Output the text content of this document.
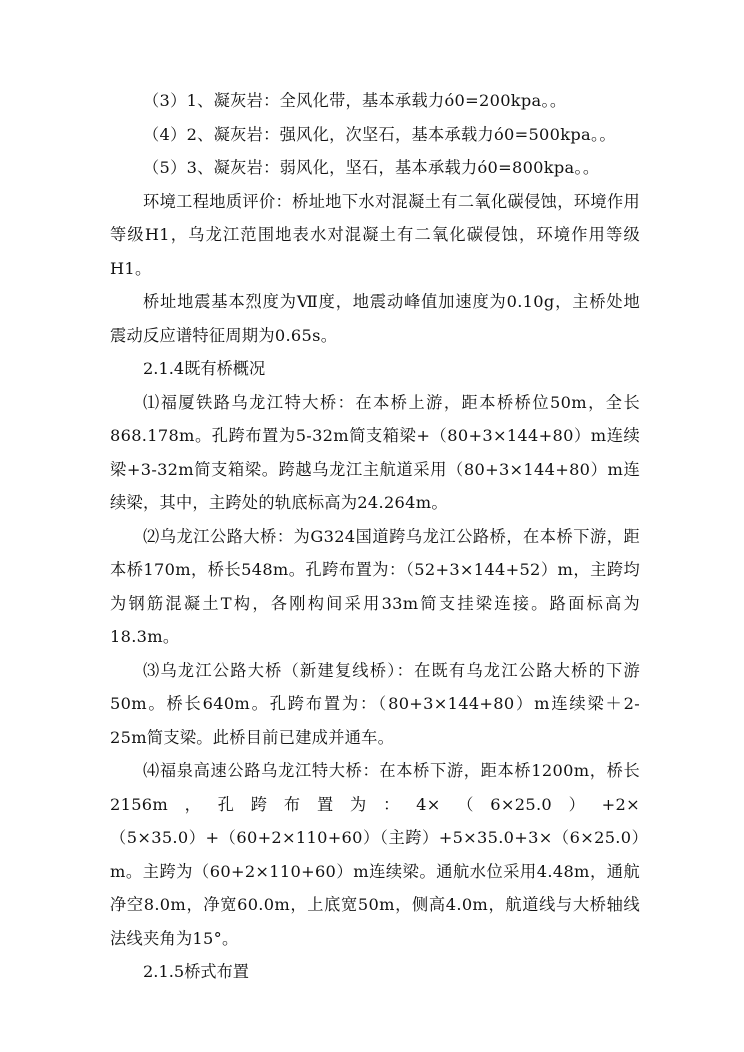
（3）1、凝灰岩：全风化带，基本承载力ó0=200kpa。。

（4）2、凝灰岩：强风化，次坚石，基本承载力ó0=500kpa。。

（5）3、凝灰岩：弱风化，坚石，基本承载力ó0=800kpa。。

环境工程地质评价：桥址地下水对混凝土有二氧化碳侵蚀，环境作用等级H1，乌龙江范围地表水对混凝土有二氧化碳侵蚀，环境作用等级H1。

桥址地震基本烈度为Ⅶ度，地震动峰值加速度为0.10g，主桥处地震动反应谱特征周期为0.65s。

2.1.4既有桥概况

⑴福厦铁路乌龙江特大桥：在本桥上游，距本桥桥位50m，全长868.178m。孔跨布置为5-32m简支箱梁+（80+3×144+80）m连续梁+3-32m简支箱梁。跨越乌龙江主航道采用（80+3×144+80）m连续梁，其中，主跨处的轨底标高为24.264m。

⑵乌龙江公路大桥：为G324国道跨乌龙江公路桥，在本桥下游，距本桥170m，桥长548m。孔跨布置为：（52+3×144+52）m，主跨均为钢筋混凝土T构，各刚构间采用33m简支挂梁连接。路面标高为18.3m。

⑶乌龙江公路大桥（新建复线桥）：在既有乌龙江公路大桥的下游50m。桥长640m。孔跨布置为：（80+3×144+80）m连续梁＋2-25m简支梁。此桥目前已建成并通车。

⑷福泉高速公路乌龙江特大桥：在本桥下游，距本桥1200m，桥长2156m，孔跨布置为：4×（6×25.0）+2×（5×35.0）+（60+2×110+60）（主跨）+5×35.0+3×（6×25.0）m。主跨为（60+2×110+60）m连续梁。通航水位采用4.48m，通航净空8.0m，净宽60.0m，上底宽50m，侧高4.0m，航道线与大桥轴线法线夹角为15°。

2.1.5桥式布置
